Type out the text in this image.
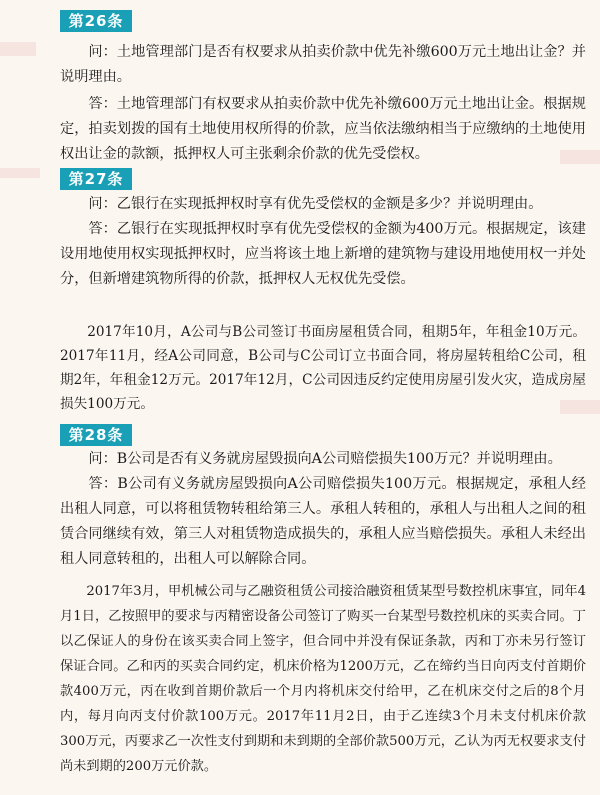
第26条

问：土地管理部门是否有权要求从拍卖价款中优先补缴600万元土地出让金？并说明理由。

答：土地管理部门有权要求从拍卖价款中优先补缴600万元土地出让金。根据规定，拍卖划拨的国有土地使用权所得的价款，应当依法缴纳相当于应缴纳的土地使用权出让金的款额，抵押权人可主张剩余价款的优先受偿权。

第27条

问：乙银行在实现抵押权时享有优先受偿权的金额是多少？并说明理由。

答：乙银行在实现抵押权时享有优先受偿权的金额为400万元。根据规定，该建设用地使用权实现抵押权时，应当将该土地上新增的建筑物与建设用地使用权一并处分，但新增建筑物所得的价款，抵押权人无权优先受偿。

2017年10月，A公司与B公司签订书面房屋租赁合同，租期5年，年租金10万元。2017年11月，经A公司同意，B公司与C公司订立书面合同，将房屋转租给C公司，租期2年，年租金12万元。2017年12月，C公司因违反约定使用房屋引发火灾，造成房屋损失100万元。

第28条

问：B公司是否有义务就房屋毁损向A公司赔偿损失100万元？并说明理由。

答：B公司有义务就房屋毁损向A公司赔偿损失100万元。根据规定，承租人经出租人同意，可以将租赁物转租给第三人。承租人转租的，承租人与出租人之间的租赁合同继续有效，第三人对租赁物造成损失的，承租人应当赔偿损失。承租人未经出租人同意转租的，出租人可以解除合同。

2017年3月，甲机械公司与乙融资租赁公司接洽融资租赁某型号数控机床事宜，同年4月1日，乙按照甲的要求与丙精密设备公司签订了购买一台某型号数控机床的买卖合同。丁以乙保证人的身份在该买卖合同上签字，但合同中并没有保证条款，丙和丁亦未另行签订保证合同。乙和丙的买卖合同约定，机床价格为1200万元，乙在缔约当日向丙支付首期价款400万元，丙在收到首期价款后一个月内将机床交付给甲，乙在机床交付之后的8个月内，每月向丙支付价款100万元。2017年11月2日，由于乙连续3个月未支付机床价款300万元，丙要求乙一次性支付到期和未到期的全部价款500万元，乙认为丙无权要求支付尚未到期的200万元价款。
